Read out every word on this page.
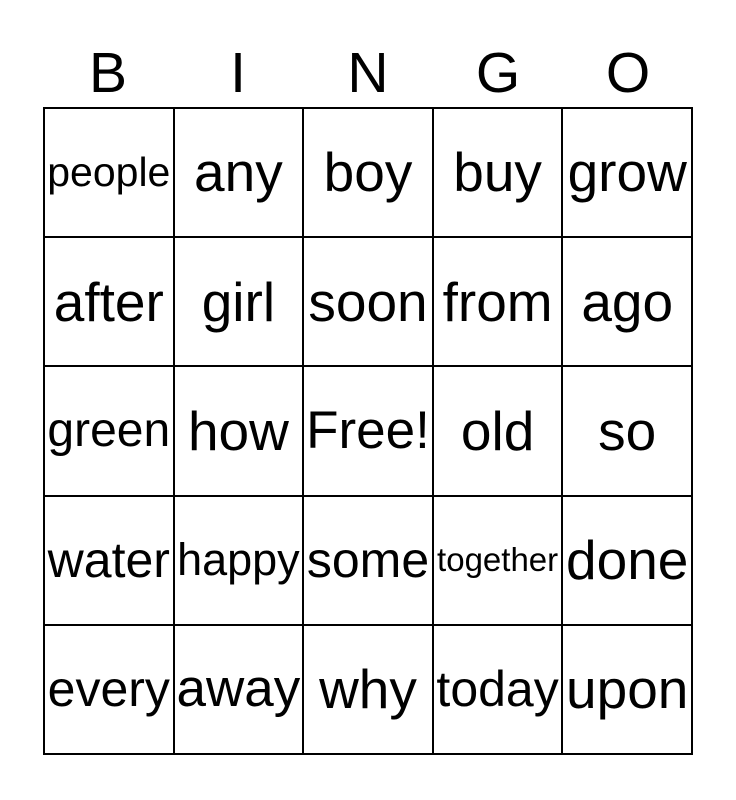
B	I	N	G	O
people any boy buy grow
after girl soon from ago
green how Free! old so
water happy some together done
every away why today upon
